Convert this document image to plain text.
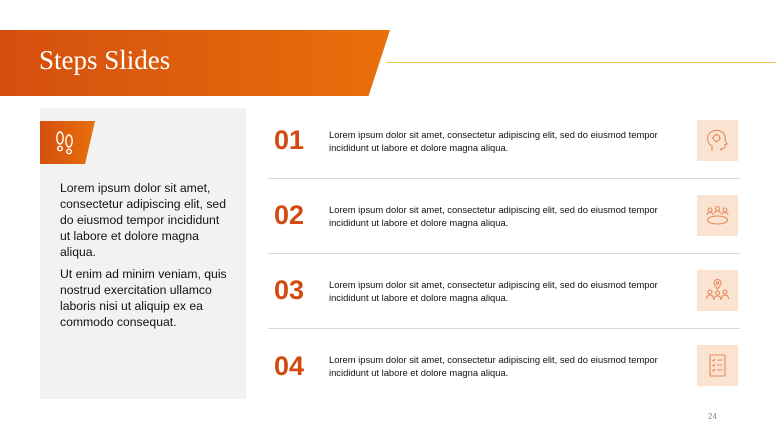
Steps Slides

Lorem ipsum dolor sit amet, consectetur adipiscing elit, sed do eiusmod tempor incididunt ut labore et dolore magna aliqua.

Ut enim ad minim veniam, quis nostrud exercitation ullamco laboris nisi ut aliquip ex ea commodo consequat.

01	Lorem ipsum dolor sit amet, consectetur adipiscing elit, sed do eiusmod tempor incididunt ut labore et dolore magna aliqua.
02	Lorem ipsum dolor sit amet, consectetur adipiscing elit, sed do eiusmod tempor incididunt ut labore et dolore magna aliqua.
03	Lorem ipsum dolor sit amet, consectetur adipiscing elit, sed do eiusmod tempor incididunt ut labore et dolore magna aliqua.
04	Lorem ipsum dolor sit amet, consectetur adipiscing elit, sed do eiusmod tempor incididunt ut labore et dolore magna aliqua.
24
